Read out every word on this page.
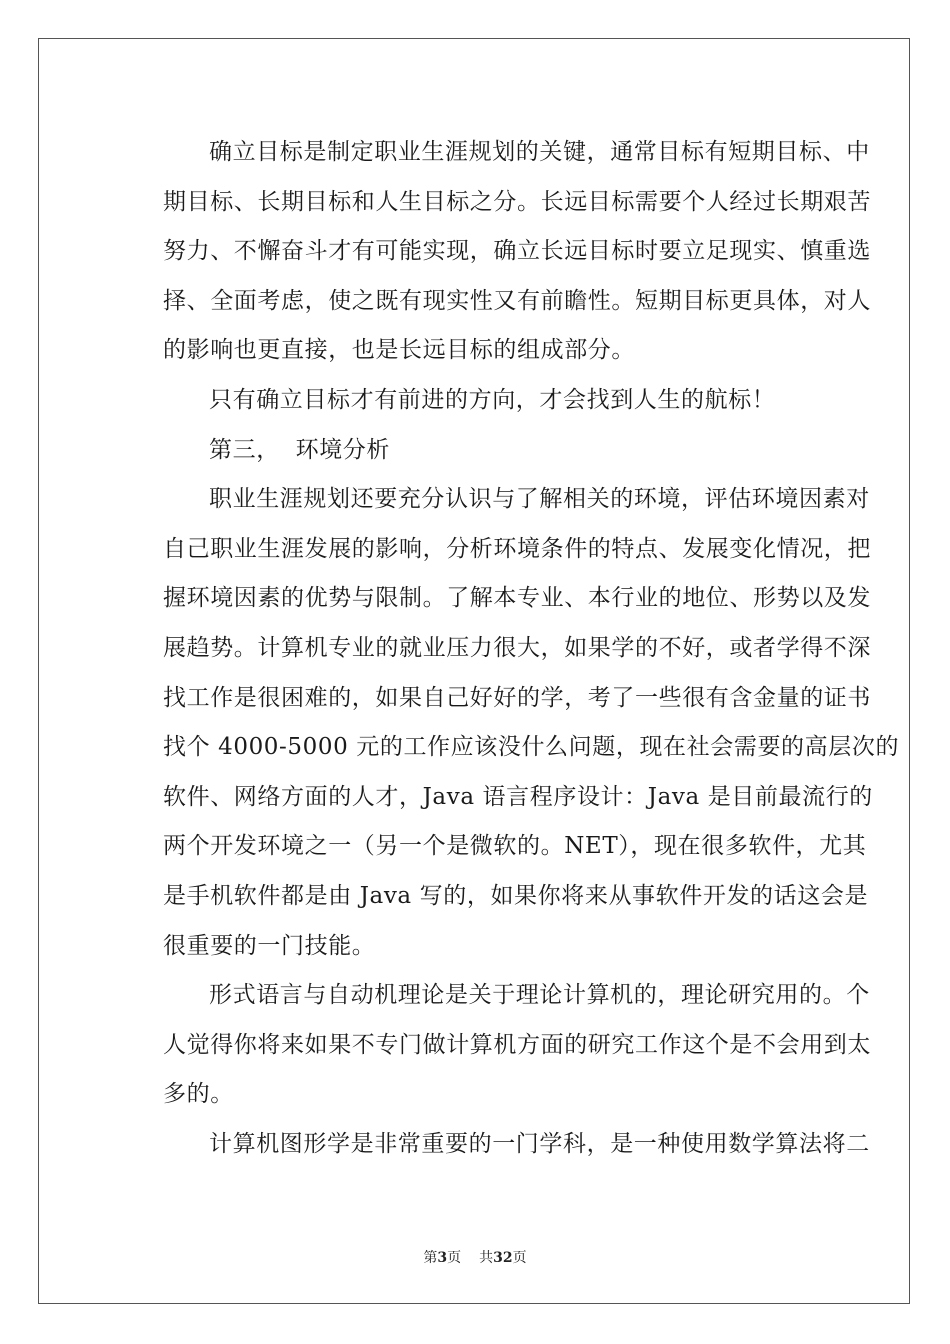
确立目标是制定职业生涯规划的关键，通常目标有短期目标、中
期目标、长期目标和人生目标之分。长远目标需要个人经过长期艰苦
努力、不懈奋斗才有可能实现，确立长远目标时要立足现实、慎重选
择、全面考虑，使之既有现实性又有前瞻性。短期目标更具体，对人
的影响也更直接，也是长远目标的组成部分。
只有确立目标才有前进的方向，才会找到人生的航标！
第三，  环境分析
职业生涯规划还要充分认识与了解相关的环境，评估环境因素对
自己职业生涯发展的影响，分析环境条件的特点、发展变化情况，把
握环境因素的优势与限制。了解本专业、本行业的地位、形势以及发
展趋势。计算机专业的就业压力很大，如果学的不好，或者学得不深
找工作是很困难的，如果自己好好的学，考了一些很有含金量的证书
找个 4000-5000 元的工作应该没什么问题，现在社会需要的高层次的
软件、网络方面的人才，Java 语言程序设计：Java 是目前最流行的
两个开发环境之一（另一个是微软的。NET），现在很多软件，尤其
是手机软件都是由 Java 写的，如果你将来从事软件开发的话这会是
很重要的一门技能。
形式语言与自动机理论是关于理论计算机的，理论研究用的。个
人觉得你将来如果不专门做计算机方面的研究工作这个是不会用到太
多的。
计算机图形学是非常重要的一门学科，是一种使用数学算法将二
第3页 共32页
